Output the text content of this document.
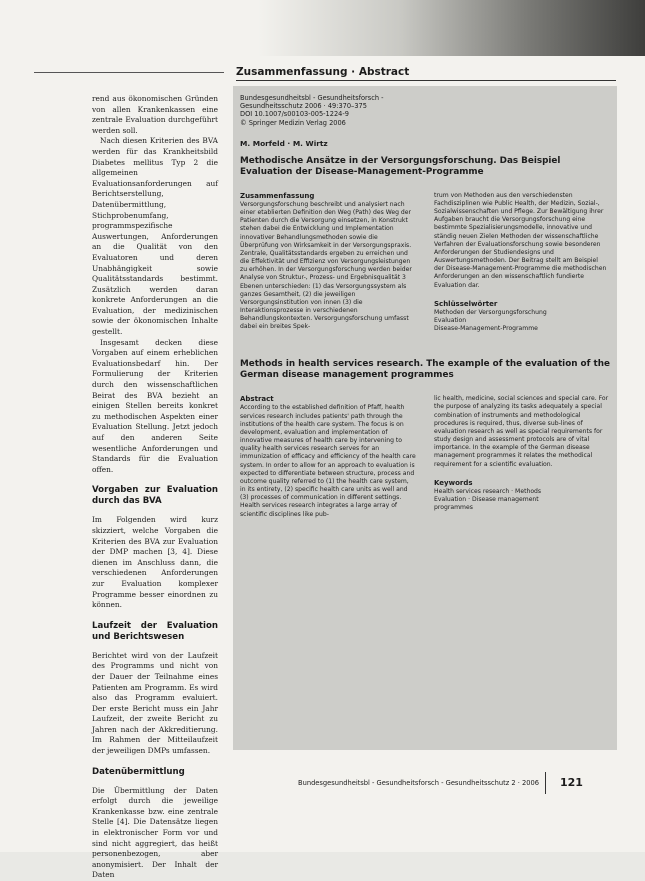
Zusammenfassung · Abstract

rend aus ökonomischen Gründen von allen Krankenkassen eine zentrale Evaluation durchgeführt werden soll.

Nach diesen Kriterien des BVA werden für das Krankheitsbild Diabetes mellitus Typ 2 die allgemeinen Evaluationsanforderungen auf Berichtserstellung, Datenübermittlung, Stichprobenumfang, programmspezifische Auswertungen, Anforderungen an die Qualität von den Evaluatoren und deren Unabhängigkeit sowie Qualitätsstandards bestimmt. Zusätzlich werden daran konkrete Anforderungen an die Evaluation, der medizinischen sowie der ökonomischen Inhalte gestellt.

Insgesamt decken diese Vorgaben auf einem erheblichen Evaluationsbedarf hin. Der Formulierung der Kriterien durch den wissenschaftlichen Beirat des BVA bezieht an einigen Stellen bereits konkret zu methodischen Aspekten einer Evaluation Stellung. Jetzt jedoch auf den anderen Seite wesentliche Anforderungen und Standards für die Evaluation offen.

Vorgaben zur Evaluation durch das BVA

Im Folgenden wird kurz skizziert, welche Vorgaben die Kriterien des BVA zur Evaluation der DMP machen [3, 4]. Diese dienen im Anschluss dann, die verschiedenen Anforderungen zur Evaluation komplexer Programme besser einordnen zu können.

Laufzeit der Evaluation und Berichtswesen

Berichtet wird von der Laufzeit des Programms und nicht von der Dauer der Teilnahme eines Patienten am Programm. Es wird also das Programm evaluiert. Der erste Bericht muss ein Jahr Laufzeit, der zweite Bericht zu Jahren nach der Akkreditierung. Im Rahmen der Mitteilaufzeit der jeweiligen DMPs umfassen.

Datenübermittlung

Die Übermittlung der Daten erfolgt durch die jeweilige Krankenkasse bzw. eine zentrale Stelle [4]. Die Datensätze liegen in elektronischer Form vor und sind nicht aggregiert, das heißt personenbezogen, aber anonymisiert. Der Inhalt der Daten

Bundesgesundheitsbl - Gesundheitsforsch -

Gesundheitsschutz 2006 · 49:370–375

DOI 10.1007/s00103-005-1224-9

© Springer Medizin Verlag 2006

M. Morfeld · M. Wirtz

Methodische Ansätze in der Versorgungsforschung. Das Beispiel Evaluation der Disease-Management-Programme

Zusammenfassung

Versorgungsforschung beschreibt und analysiert nach einer etablierten Definition den Weg (Path) des Weg der Patienten durch die Versorgung einsetzen, in Konstrukt stehen dabei die Entwicklung und Implementation innovativer Behandlungsmethoden sowie die Überprüfung von Wirksamkeit in der Versorgungspraxis. Zentrale, Qualitätsstandards ergeben zu erreichen und die Effektivität und Effizienz von Versorgungsleistungen zu erhöhen. In der Versorgungsforschung werden beider Analyse von Struktur-, Prozess- und Ergebnisqualität 3 Ebenen unterschieden: (1) das Versorgungssystem als ganzes Gesamtheit, (2) die jeweiligen Versorgungsinstitution von innen (3) die Interaktionsprozesse in verschiedenen Behandlungskontexten. Versorgungsforschung umfasst dabei ein breites Spek-

trum von Methoden aus den verschiedensten Fachdisziplinen wie Public Health, der Medizin, Sozial-, Sozialwissenschaften und Pflege. Zur Bewältigung ihrer Aufgaben braucht die Versorgungsforschung eine bestimmte Spezialisierungsmodelle, innovative und ständig neuen Zielen Methoden der wissenschaftliche Verfahren der Evaluationsforschung sowie besonderen Anforderungen der Studiendesigns und Auswertungsmethoden. Der Beitrag stellt am Beispiel der Disease-Management-Programme die methodischen Anforderungen an den wissenschaftlich fundierte Evaluation dar.

Schlüsselwörter

Methoden der Versorgungsforschung

Evaluation

Disease-Management-Programme

Methods in health services research. The example of the evaluation of the German disease management programmes

Abstract

According to the established definition of Pfaff, health services research includes patients' path through the institutions of the health care system. The focus is on development, evaluation and implementation of innovative measures of health care by intervening to quality health services research serves for an immunization of efficacy and efficiency of the health care system. In order to allow for an approach to evaluation is expected to differentiate between structure, process and outcome quality referred to (1) the health care system, in its entirety, (2) specific health care units as well and (3) processes of communication in different settings. Health services research integrates a large array of scientific disciplines like pub-

lic health, medicine, social sciences and special care. For the purpose of analyzing its tasks adequately a special combination of instruments and methodological procedures is required, thus, diverse sub-lines of evaluation research as well as special requirements for study design and assessment protocols are of vital importance. In the example of the German disease management programmes it relates the methodical requirement for a scientific evaluation.

Keywords

Health services research · Methods

Evaluation · Disease management

programmes

Bundesgesundheitsbl - Gesundheitsforsch - Gesundheitsschutz 2 · 2006 121
